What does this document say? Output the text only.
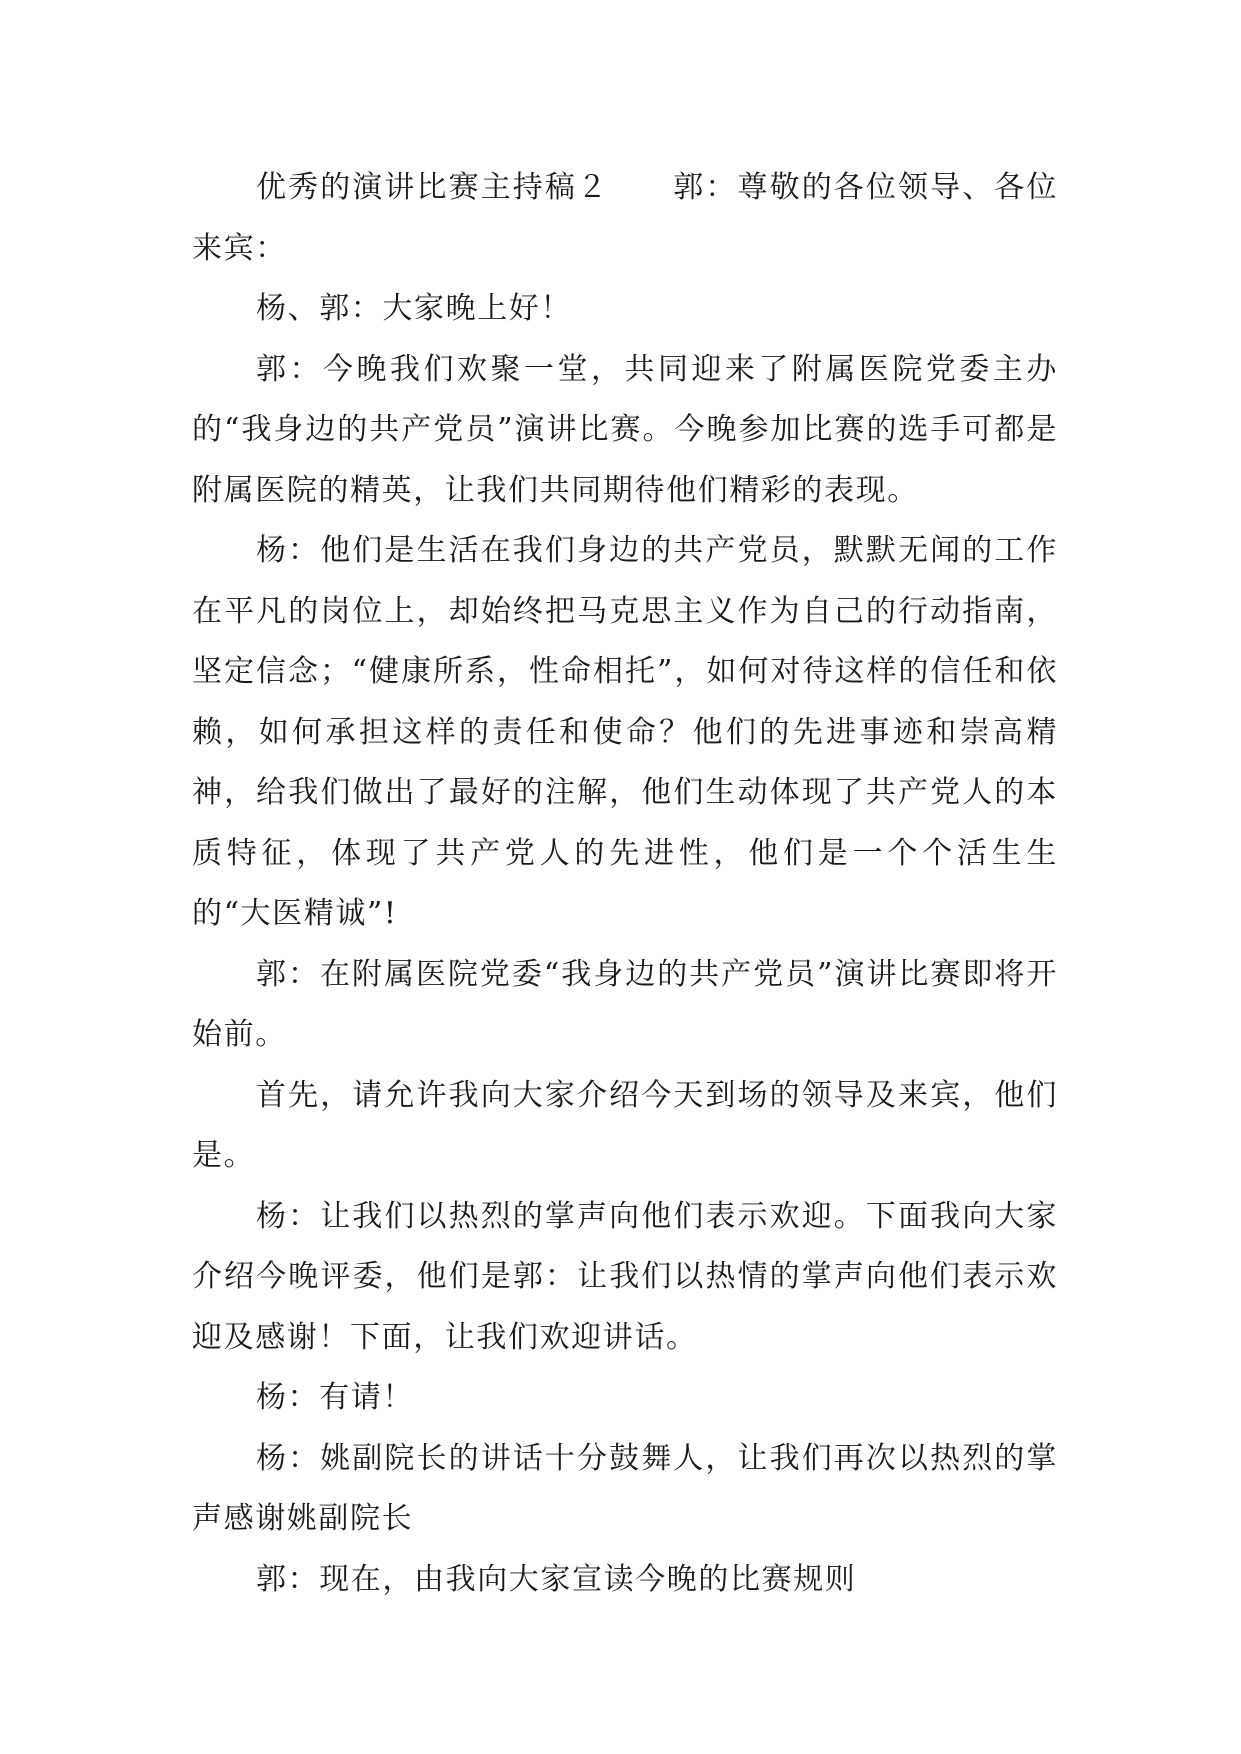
优秀的演讲比赛主持稿２　　郭：尊敬的各位领导、各位来宾：

杨、郭：大家晚上好！

郭：今晚我们欢聚一堂，共同迎来了附属医院党委主办的“我身边的共产党员”演讲比赛。今晚参加比赛的选手可都是附属医院的精英，让我们共同期待他们精彩的表现。

杨：他们是生活在我们身边的共产党员，默默无闻的工作在平凡的岗位上，却始终把马克思主义作为自己的行动指南，坚定信念；“健康所系，性命相托”，如何对待这样的信任和依赖，如何承担这样的责任和使命？他们的先进事迹和崇高精神，给我们做出了最好的注解，他们生动体现了共产党人的本质特征，体现了共产党人的先进性，他们是一个个活生生的“大医精诚”!

郭：在附属医院党委“我身边的共产党员”演讲比赛即将开始前。

首先，请允许我向大家介绍今天到场的领导及来宾，他们是。

杨：让我们以热烈的掌声向他们表示欢迎。下面我向大家介绍今晚评委，他们是郭：让我们以热情的掌声向他们表示欢迎及感谢！下面，让我们欢迎讲话。

杨：有请！

杨：姚副院长的讲话十分鼓舞人，让我们再次以热烈的掌声感谢姚副院长

郭：现在，由我向大家宣读今晚的比赛规则
